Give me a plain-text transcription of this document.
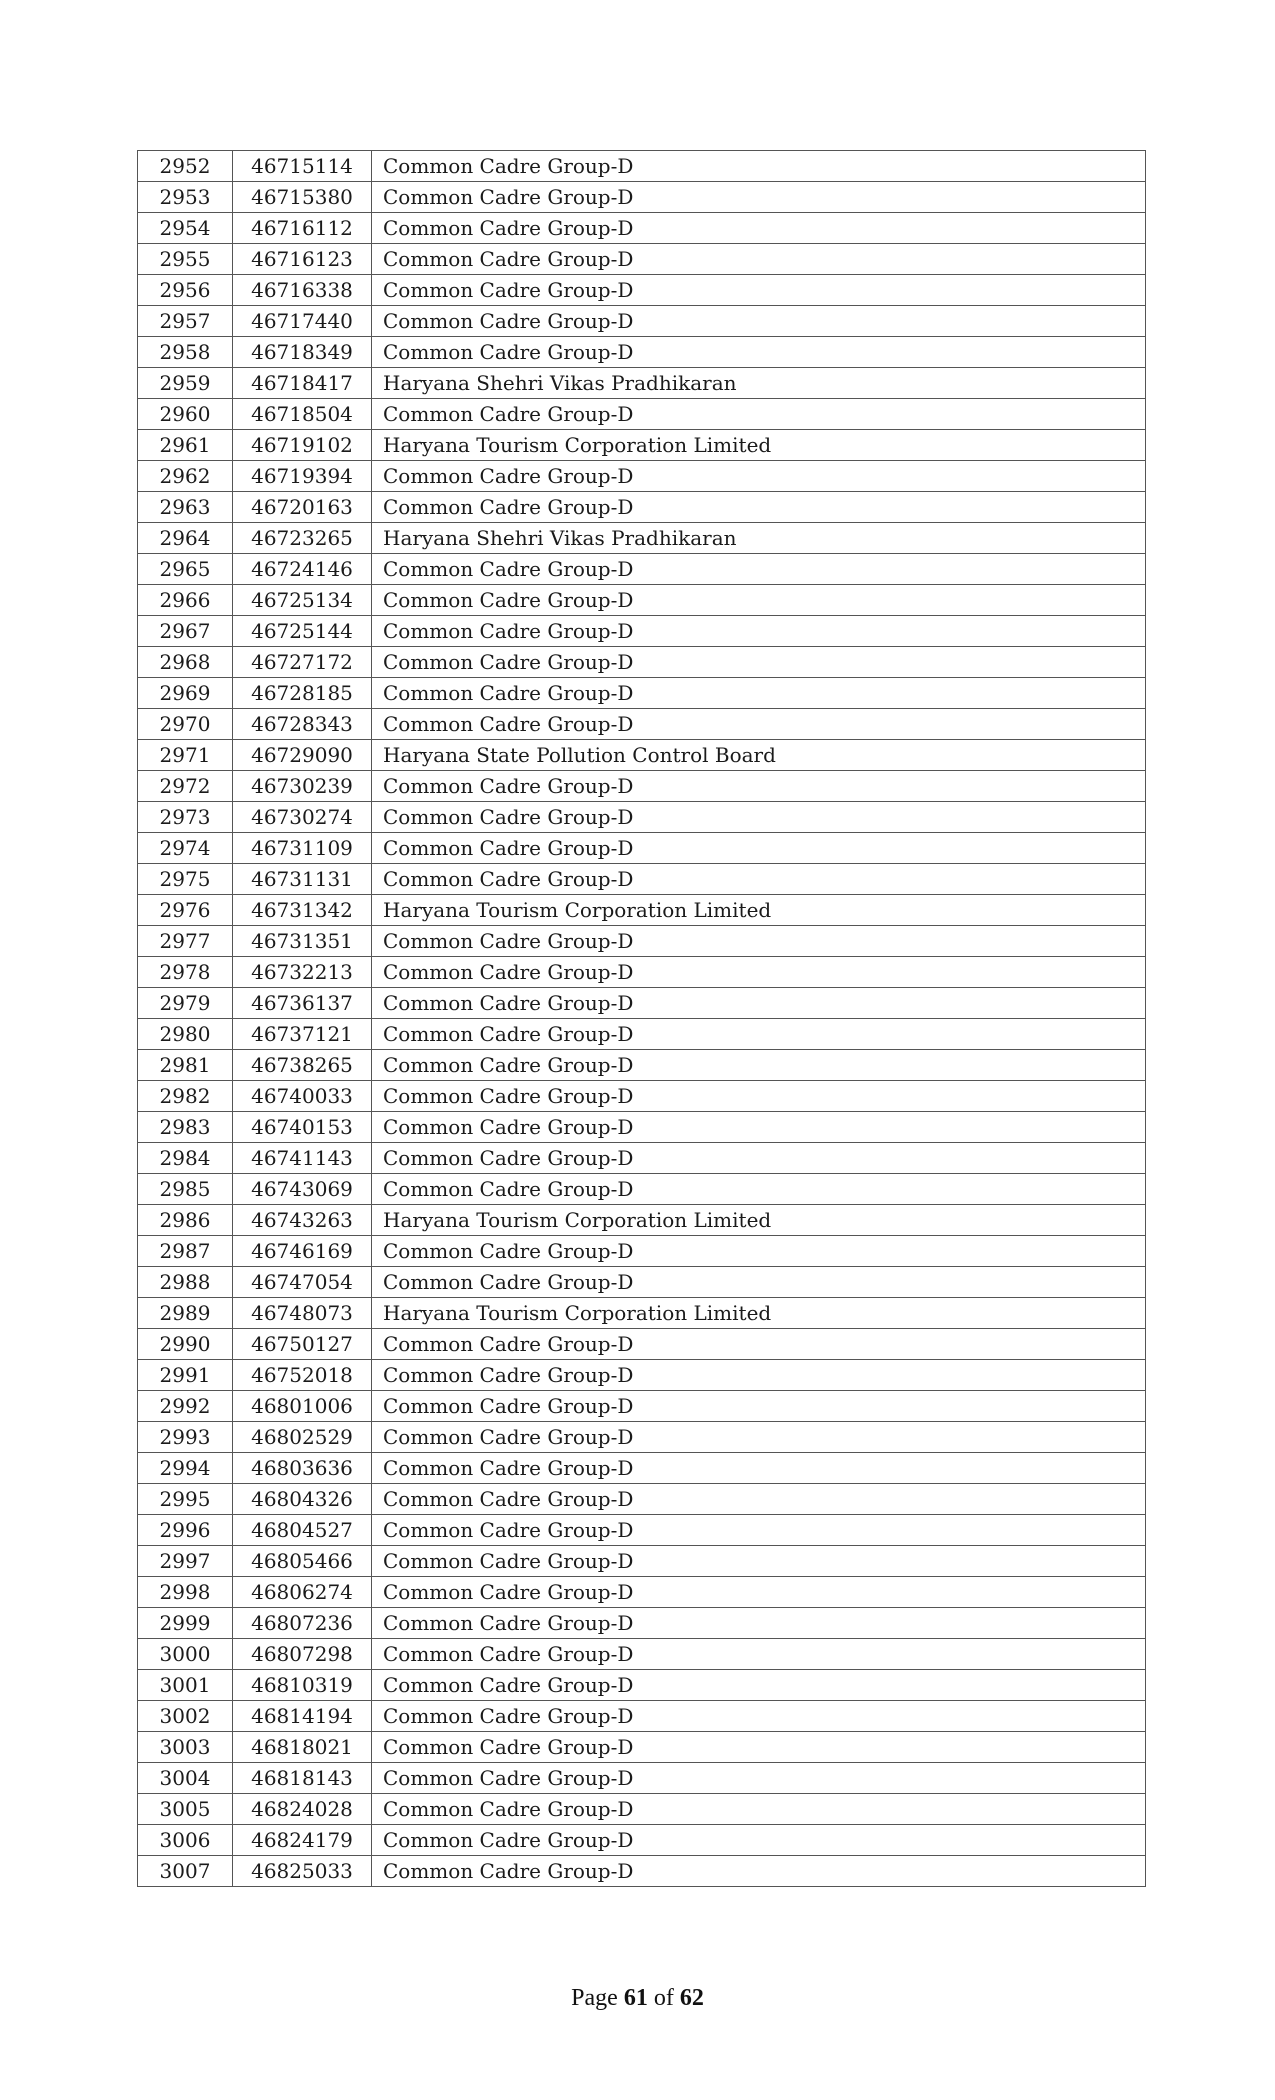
2952	46715114	Common Cadre Group-D
2953	46715380	Common Cadre Group-D
2954	46716112	Common Cadre Group-D
2955	46716123	Common Cadre Group-D
2956	46716338	Common Cadre Group-D
2957	46717440	Common Cadre Group-D
2958	46718349	Common Cadre Group-D
2959	46718417	Haryana Shehri Vikas Pradhikaran
2960	46718504	Common Cadre Group-D
2961	46719102	Haryana Tourism Corporation Limited
2962	46719394	Common Cadre Group-D
2963	46720163	Common Cadre Group-D
2964	46723265	Haryana Shehri Vikas Pradhikaran
2965	46724146	Common Cadre Group-D
2966	46725134	Common Cadre Group-D
2967	46725144	Common Cadre Group-D
2968	46727172	Common Cadre Group-D
2969	46728185	Common Cadre Group-D
2970	46728343	Common Cadre Group-D
2971	46729090	Haryana State Pollution Control Board
2972	46730239	Common Cadre Group-D
2973	46730274	Common Cadre Group-D
2974	46731109	Common Cadre Group-D
2975	46731131	Common Cadre Group-D
2976	46731342	Haryana Tourism Corporation Limited
2977	46731351	Common Cadre Group-D
2978	46732213	Common Cadre Group-D
2979	46736137	Common Cadre Group-D
2980	46737121	Common Cadre Group-D
2981	46738265	Common Cadre Group-D
2982	46740033	Common Cadre Group-D
2983	46740153	Common Cadre Group-D
2984	46741143	Common Cadre Group-D
2985	46743069	Common Cadre Group-D
2986	46743263	Haryana Tourism Corporation Limited
2987	46746169	Common Cadre Group-D
2988	46747054	Common Cadre Group-D
2989	46748073	Haryana Tourism Corporation Limited
2990	46750127	Common Cadre Group-D
2991	46752018	Common Cadre Group-D
2992	46801006	Common Cadre Group-D
2993	46802529	Common Cadre Group-D
2994	46803636	Common Cadre Group-D
2995	46804326	Common Cadre Group-D
2996	46804527	Common Cadre Group-D
2997	46805466	Common Cadre Group-D
2998	46806274	Common Cadre Group-D
2999	46807236	Common Cadre Group-D
3000	46807298	Common Cadre Group-D
3001	46810319	Common Cadre Group-D
3002	46814194	Common Cadre Group-D
3003	46818021	Common Cadre Group-D
3004	46818143	Common Cadre Group-D
3005	46824028	Common Cadre Group-D
3006	46824179	Common Cadre Group-D
3007	46825033	Common Cadre Group-D
Page 61 of 62
